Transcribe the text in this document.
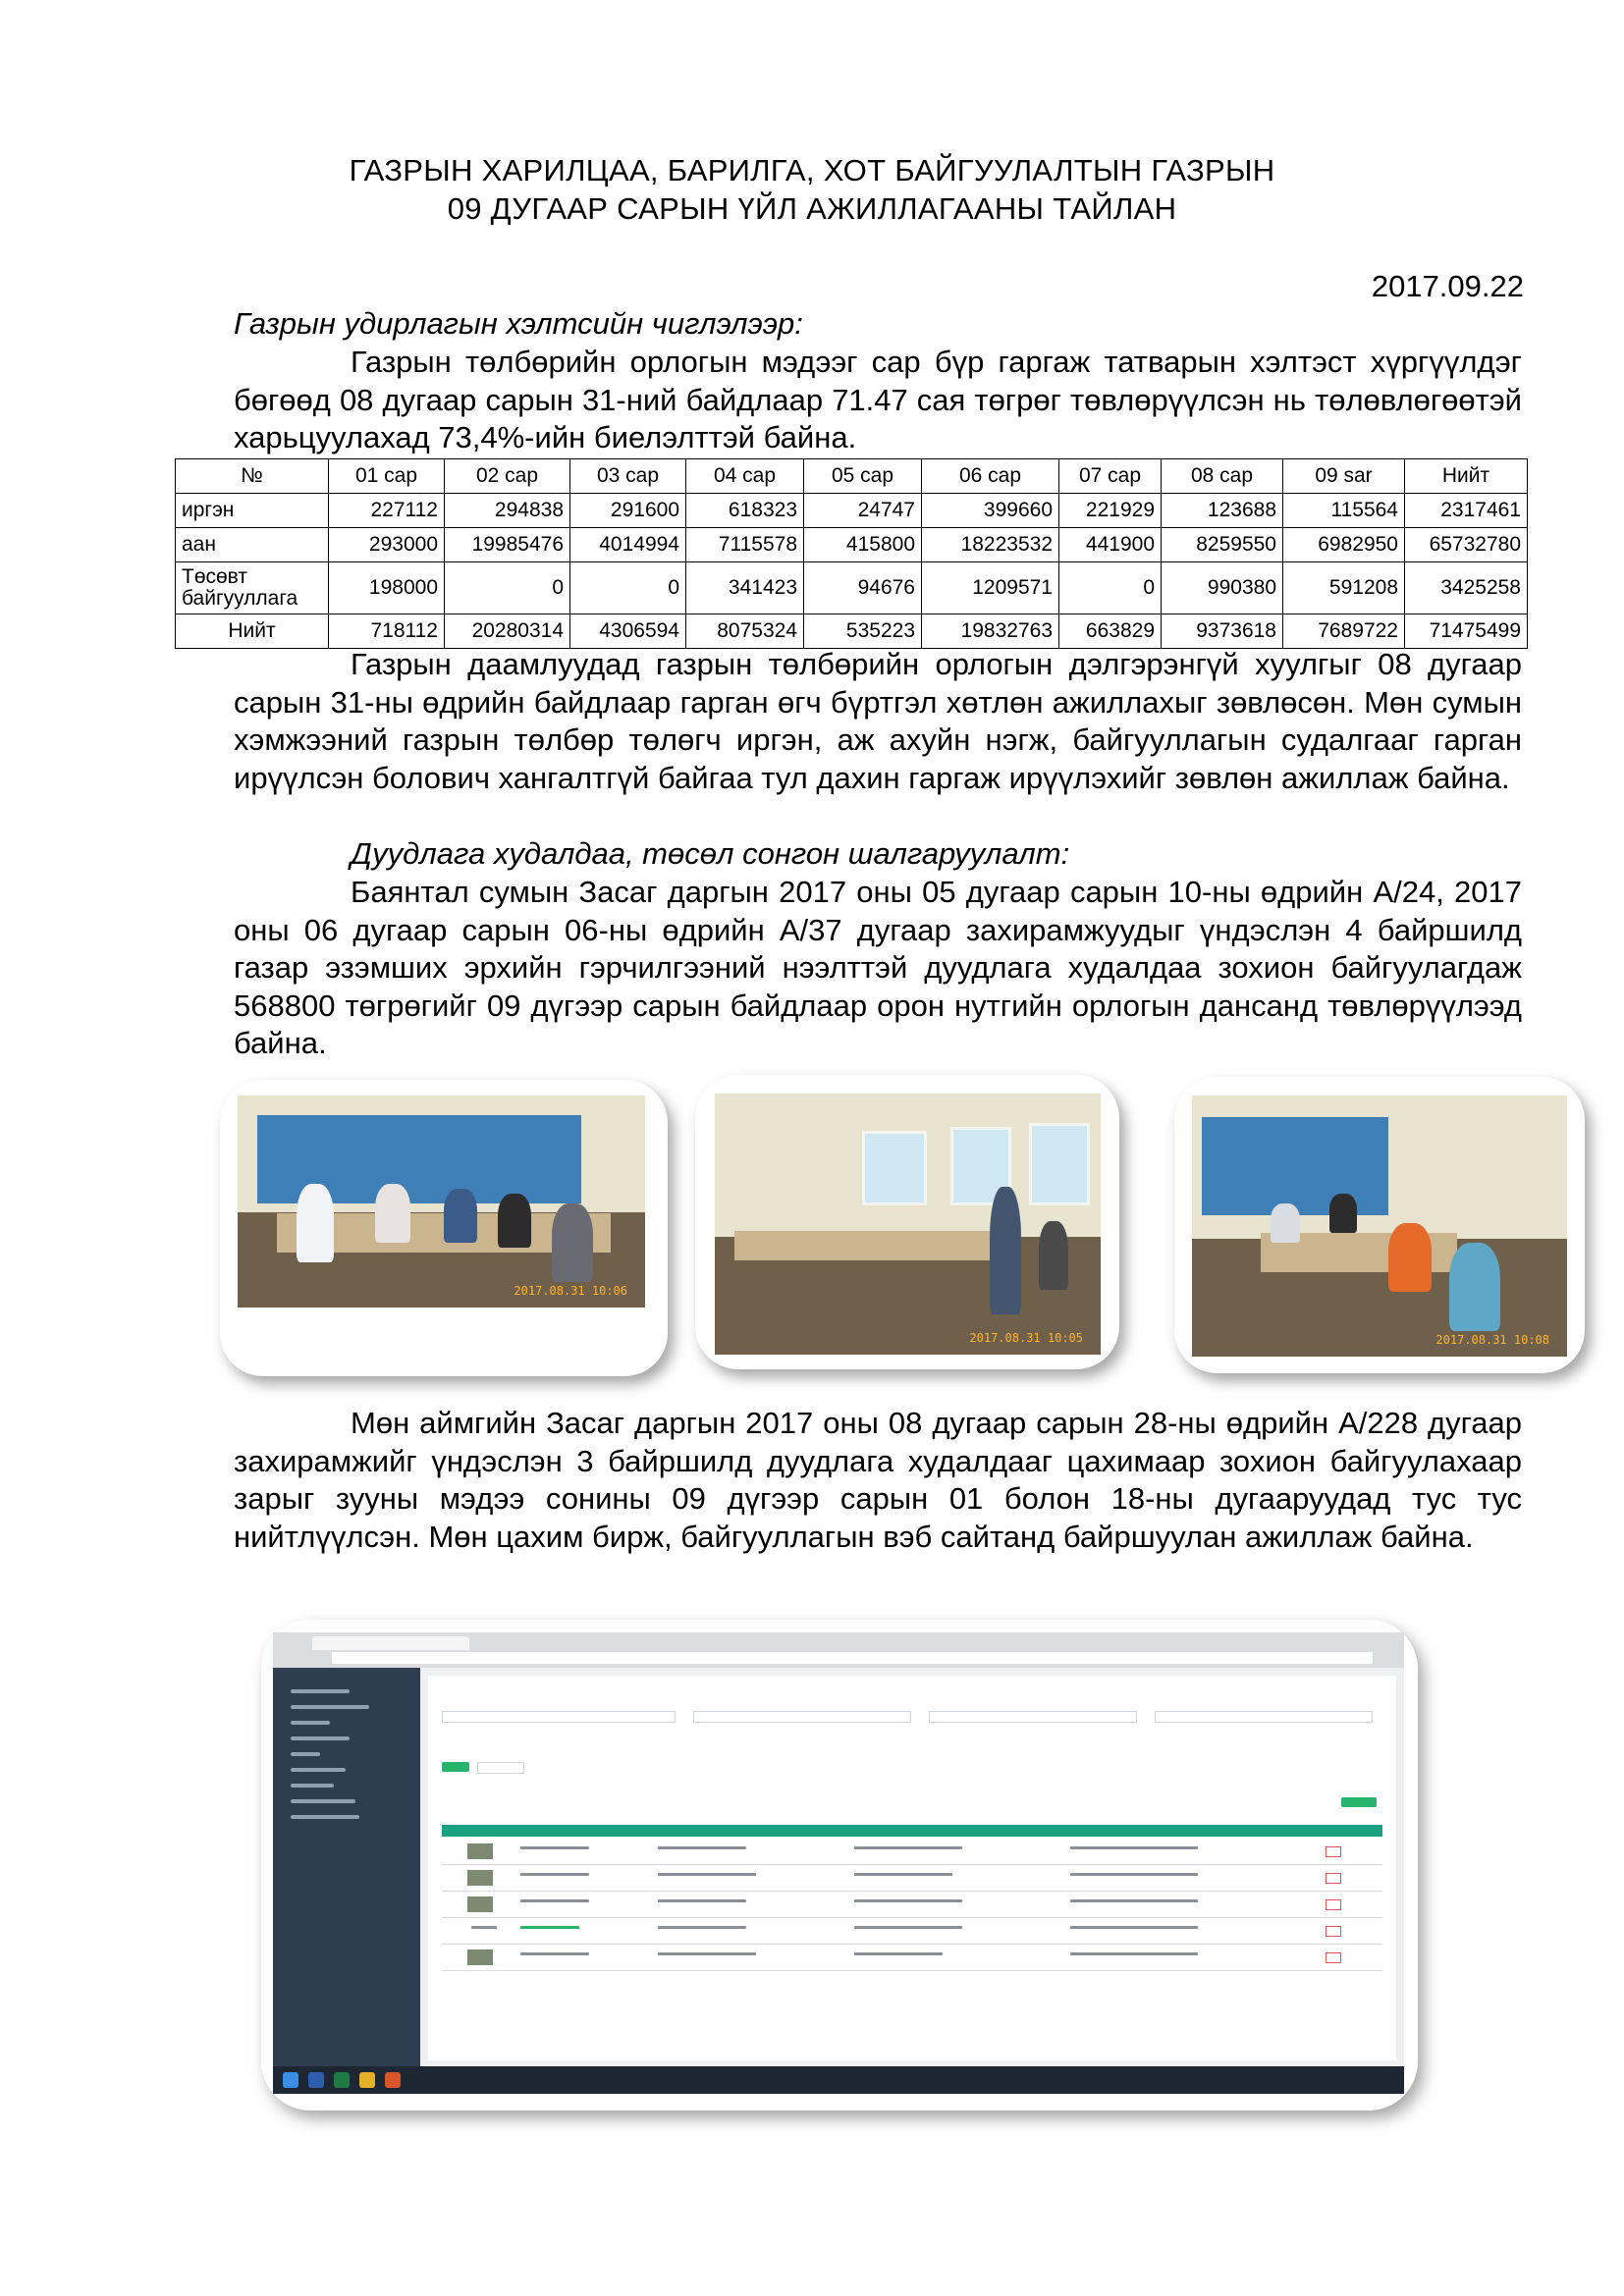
ГАЗРЫН ХАРИЛЦАА, БАРИЛГА, ХОТ БАЙГУУЛАЛТЫН ГАЗРЫН
09 ДУГААР САРЫН ҮЙЛ АЖИЛЛАГААНЫ ТАЙЛАН
2017.09.22
Газрын удирлагын хэлтсийн чиглэлээр:
Газрын төлбөрийн орлогын мэдээг сар бүр гаргаж татварын хэлтэст хүргүүлдэг бөгөөд 08 дугаар сарын 31-ний байдлаар 71.47 сая төгрөг төвлөрүүлсэн нь төлөвлөгөөтэй харьцуулахад 73,4%-ийн биелэлттэй байна.
№	01 сар	02 сар	03 сар	04 сар	05 сар	06 сар	07 сар	08 сар	09 sar	Нийт
иргэн	227112	294838	291600	618323	24747	399660	221929	123688	115564	2317461
аан	293000	19985476	4014994	7115578	415800	18223532	441900	8259550	6982950	65732780
Төсөвт байгууллага	198000	0	0	341423	94676	1209571	0	990380	591208	3425258
Нийт	718112	20280314	4306594	8075324	535223	19832763	663829	9373618	7689722	71475499
Газрын даамлуудад газрын төлбөрийн орлогын дэлгэрэнгүй хуулгыг 08 дугаар сарын 31-ны өдрийн байдлаар гарган өгч бүртгэл хөтлөн ажиллахыг зөвлөсөн. Мөн сумын хэмжээний газрын төлбөр төлөгч иргэн, аж ахуйн нэгж, байгууллагын судалгааг гарган ирүүлсэн болович хангалтгүй байгаа тул дахин гаргаж ирүүлэхийг зөвлөн ажиллаж байна.
Дуудлага худалдаа, төсөл сонгон шалгаруулалт:
Баянтал сумын Засаг даргын 2017 оны 05 дугаар сарын 10-ны өдрийн А/24, 2017 оны 06 дугаар сарын 06-ны өдрийн А/37 дугаар захирамжуудыг үндэслэн 4 байршилд газар эзэмших эрхийн гэрчилгээний нээлттэй дуудлага худалдаа зохион байгуулагдаж 568800 төгрөгийг 09 дүгээр сарын байдлаар орон нутгийн орлогын дансанд төвлөрүүлээд байна.
2017.08.31 10:06
2017.08.31 10:05	2017.08.31 10:08
Мөн аймгийн Засаг даргын 2017 оны 08 дугаар сарын 28-ны өдрийн А/228 дугаар захирамжийг үндэслэн 3 байршилд дуудлага худалдааг цахимаар зохион байгуулахаар зарыг зууны мэдээ сонины 09 дүгээр сарын 01 болон 18-ны дугааруудад тус тус нийтлүүлсэн. Мөн цахим бирж, байгууллагын вэб сайтанд байршуулан ажиллаж байна.
